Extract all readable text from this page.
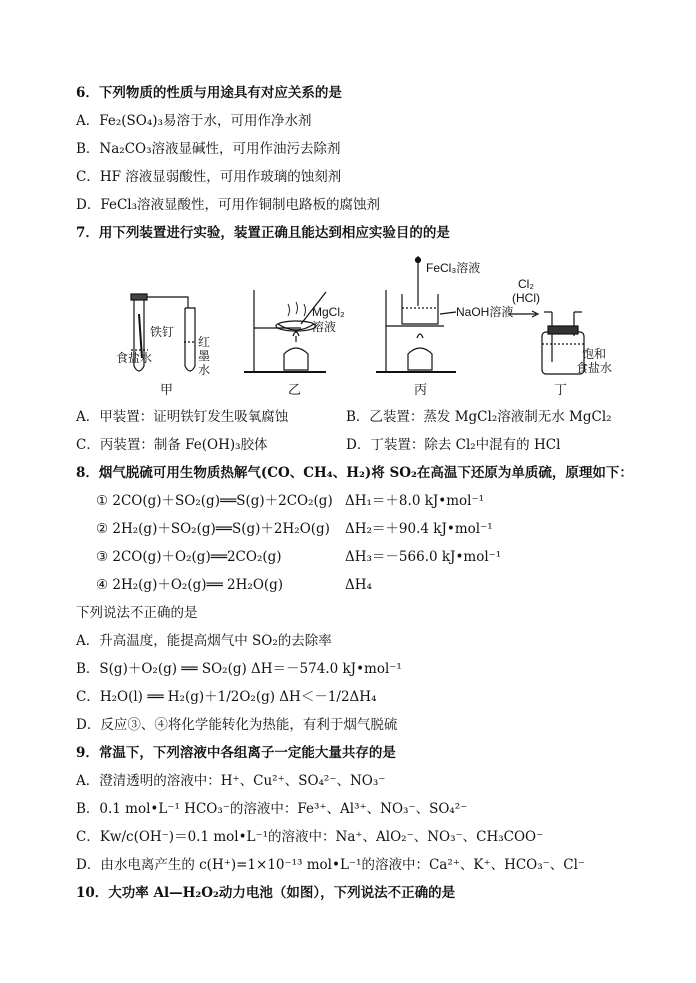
6．下列物质的性质与用途具有对应关系的是
A．Fe₂(SO₄)₃易溶于水，可用作净水剂
B．Na₂CO₃溶液显碱性，可用作油污去除剂
C．HF 溶液显弱酸性，可用作玻璃的蚀刻剂
D．FeCl₃溶液显酸性，可用作铜制电路板的腐蚀剂
7．用下列装置进行实验，装置正确且能达到相应实验目的的是
食盐水
铁钉
红
墨
水
甲
MgCl₂
溶液
乙
FeCl₃溶液
NaOH溶液
丙
Cl₂
(HCl)
饱和
食盐水
丁
A．甲装置：证明铁钉发生吸氧腐蚀	B．乙装置：蒸发 MgCl₂溶液制无水 MgCl₂
C．丙装置：制备 Fe(OH)₃胶体	D．丁装置：除去 Cl₂中混有的 HCl
8．烟气脱硫可用生物质热解气(CO、CH₄、H₂)将 SO₂在高温下还原为单质硫，原理如下：
① 2CO(g)＋SO₂(g)══S(g)＋2CO₂(g) ΔH₁＝＋8.0 kJ•mol⁻¹
② 2H₂(g)＋SO₂(g)══S(g)＋2H₂O(g) ΔH₂＝＋90.4 kJ•mol⁻¹
③ 2CO(g)＋O₂(g)══2CO₂(g)	ΔH₃＝－566.0 kJ•mol⁻¹
④ 2H₂(g)＋O₂(g)══ 2H₂O(g)	ΔH₄
下列说法不正确的是
A．升高温度，能提高烟气中 SO₂的去除率
B．S(g)＋O₂(g) ══ SO₂(g) ΔH＝－574.0 kJ•mol⁻¹
C．H₂O(l) ══ H₂(g)＋1/2O₂(g) ΔH＜－1/2ΔH₄
D．反应③、④将化学能转化为热能，有利于烟气脱硫
9．常温下，下列溶液中各组离子一定能大量共存的是
A．澄清透明的溶液中：H⁺、Cu²⁺、SO₄²⁻、NO₃⁻
B．0.1 mol•L⁻¹ HCO₃⁻的溶液中：Fe³⁺、Al³⁺、NO₃⁻、SO₄²⁻
C．Kw/c(OH⁻)＝0.1 mol•L⁻¹的溶液中：Na⁺、AlO₂⁻、NO₃⁻、CH₃COO⁻
D．由水电离产生的 c(H⁺)=1×10⁻¹³ mol•L⁻¹的溶液中：Ca²⁺、K⁺、HCO₃⁻、Cl⁻
10．大功率 Al—H₂O₂动力电池（如图），下列说法不正确的是
